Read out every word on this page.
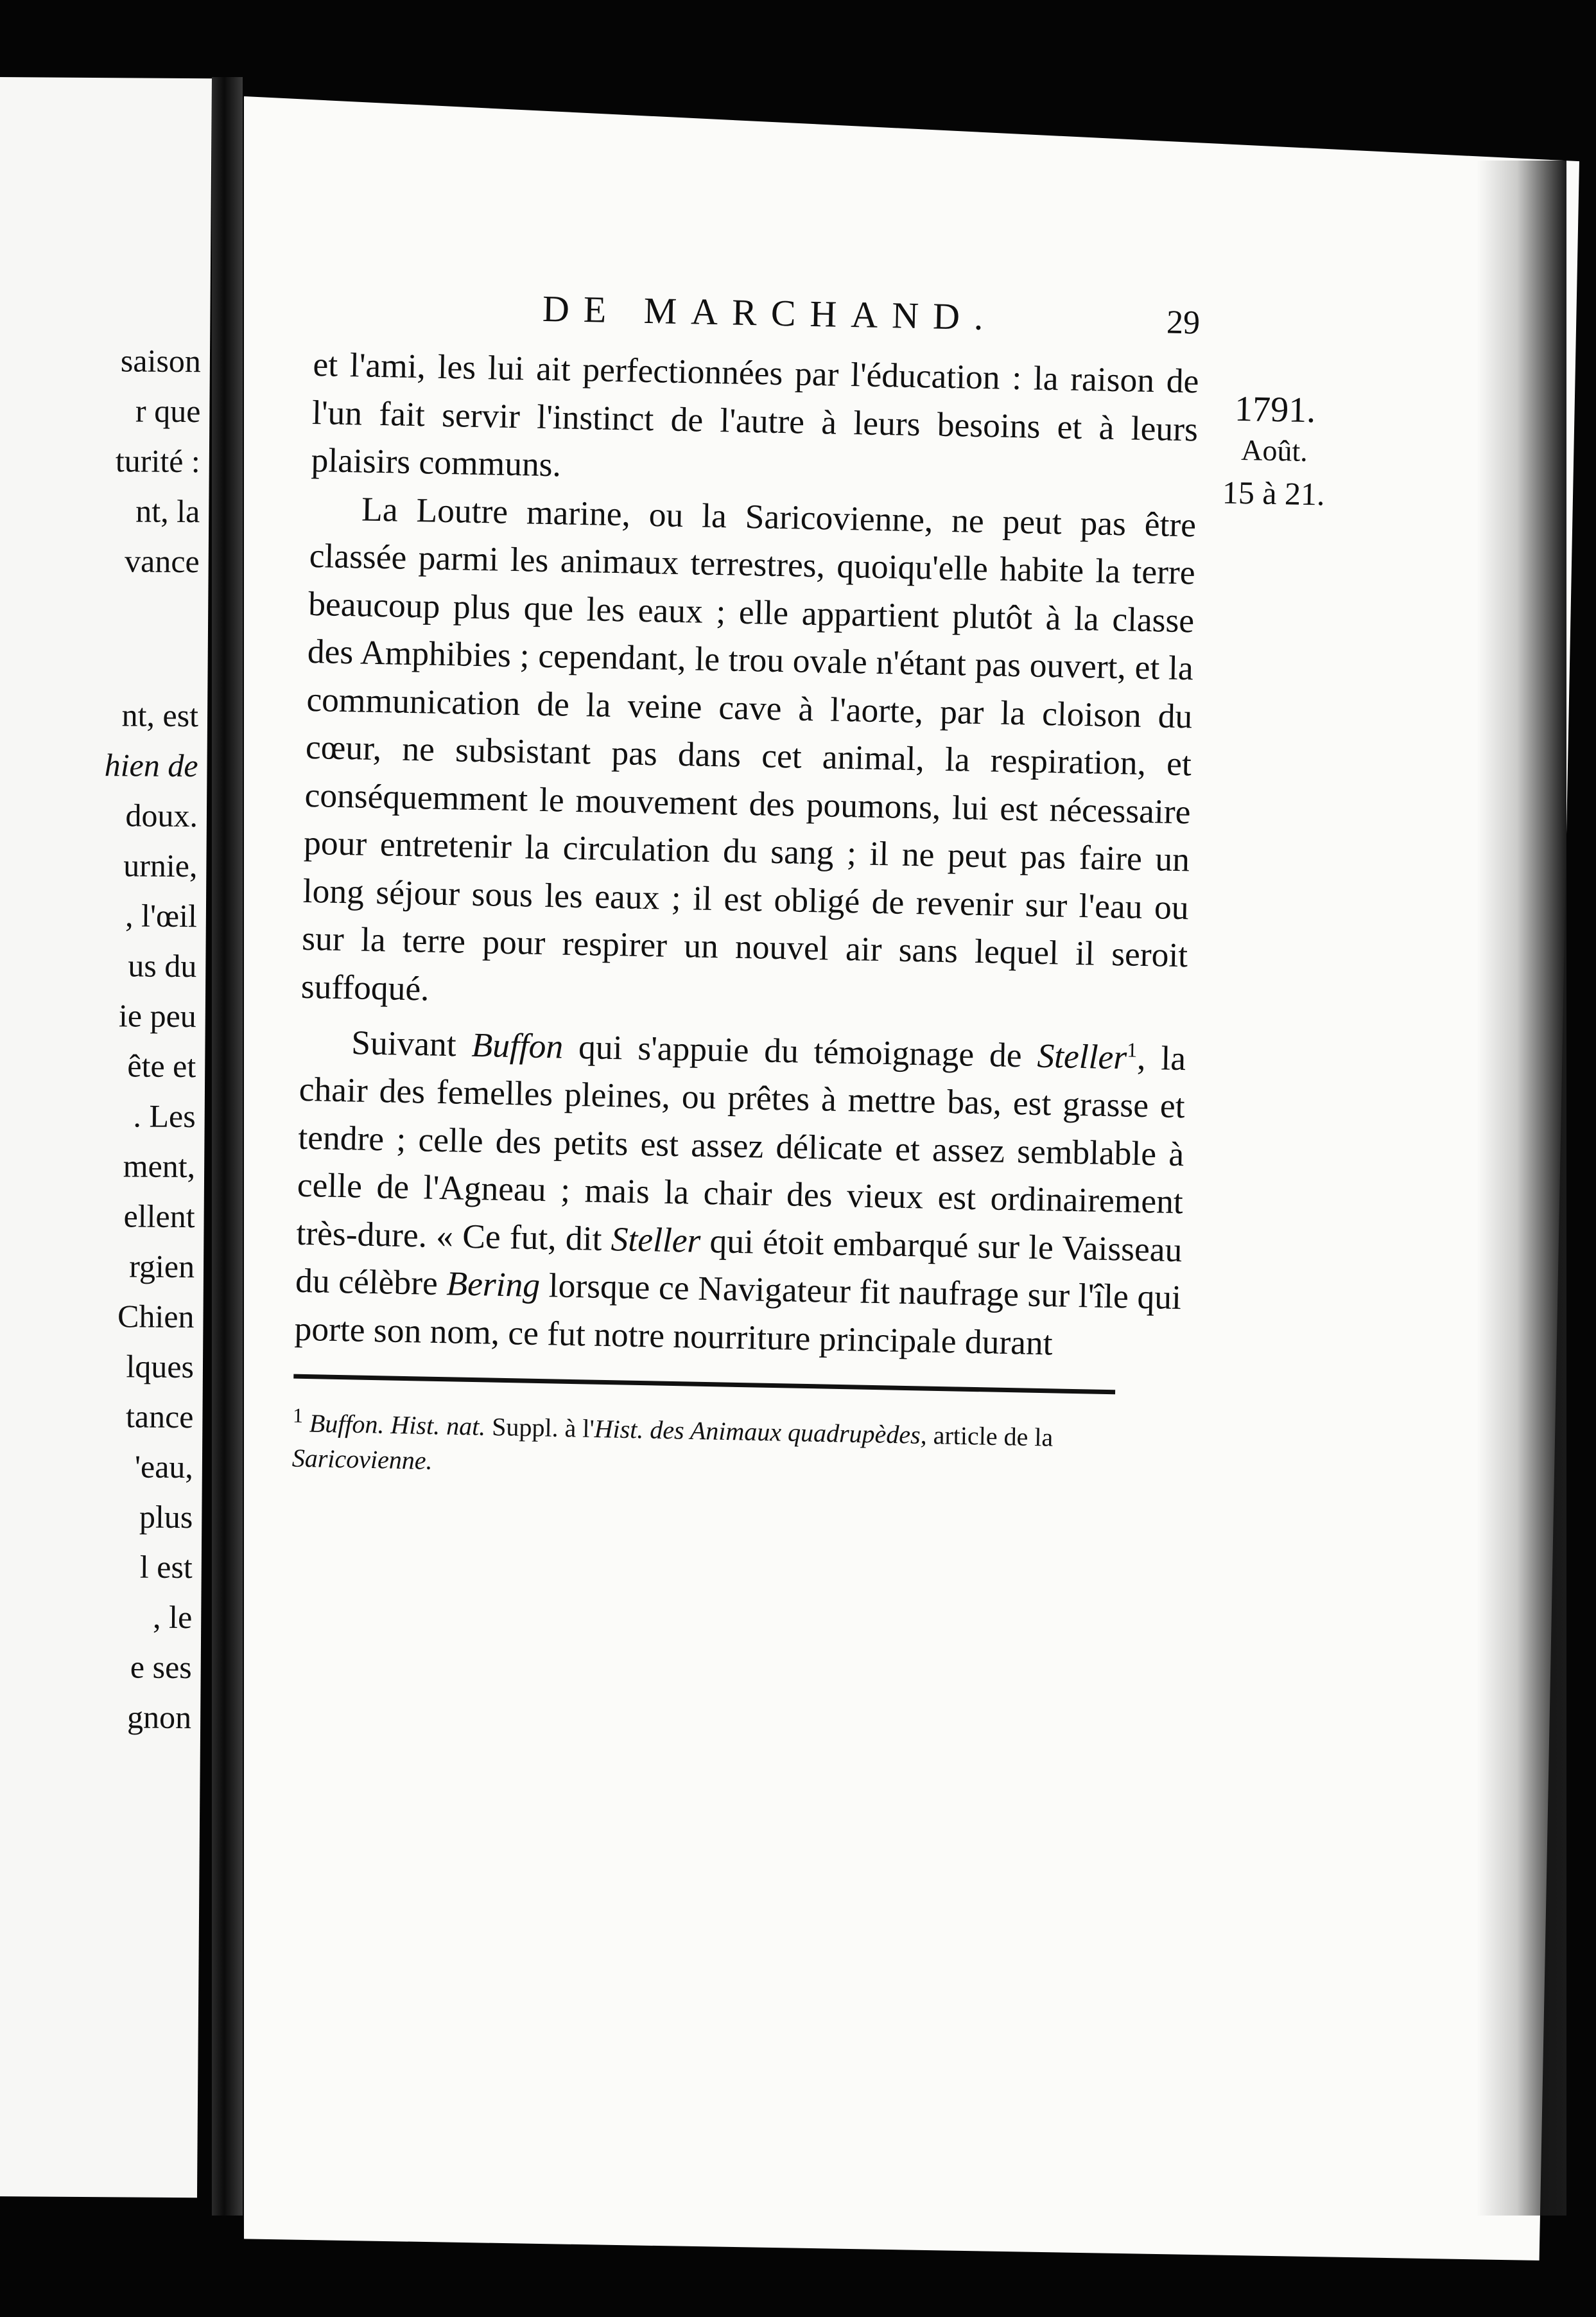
saison
r que
turité :
nt, la
vance
nt, est
hien de
doux.
urnie,
, l'œil
us du
ie peu
ête et
. Les
ment,
ellent
rgien
Chien
lques
tance
'eau,
plus
l est
, le
e ses
gnon
DE MARCHAND.	29

et l'ami, les lui ait perfectionnées par l'éducation : la raison de l'un fait servir l'instinct de l'autre à leurs besoins et à leurs plaisirs communs.

La Loutre marine, ou la Saricovienne, ne peut pas être classée parmi les animaux terrestres, quoiqu'elle habite la terre beaucoup plus que les eaux ; elle appartient plutôt à la classe des Amphibies ; cependant, le trou ovale n'étant pas ouvert, et la communication de la veine cave à l'aorte, par la cloison du cœur, ne subsistant pas dans cet animal, la respiration, et conséquemment le mouvement des poumons, lui est nécessaire pour entretenir la circulation du sang ; il ne peut pas faire un long séjour sous les eaux ; il est obligé de revenir sur l'eau ou sur la terre pour respirer un nouvel air sans lequel il seroit suffoqué.

Suivant Buffon qui s'appuie du témoignage de Steller$^1$, la chair des femelles pleines, ou prêtes à mettre bas, est grasse et tendre ; celle des petits est assez délicate et assez semblable à celle de l'Agneau ; mais la chair des vieux est ordinairement très-dure. « Ce fut, dit Steller qui étoit embarqué sur le Vaisseau du célèbre Bering lorsque ce Navigateur fit naufrage sur l'île qui porte son nom, ce fut notre nourriture principale durant

$^1$ Buffon. Hist. nat. Suppl. à l'Hist. des Animaux quadrupèdes, article de la Saricovienne.
1791.
Août.
15 à 21.
